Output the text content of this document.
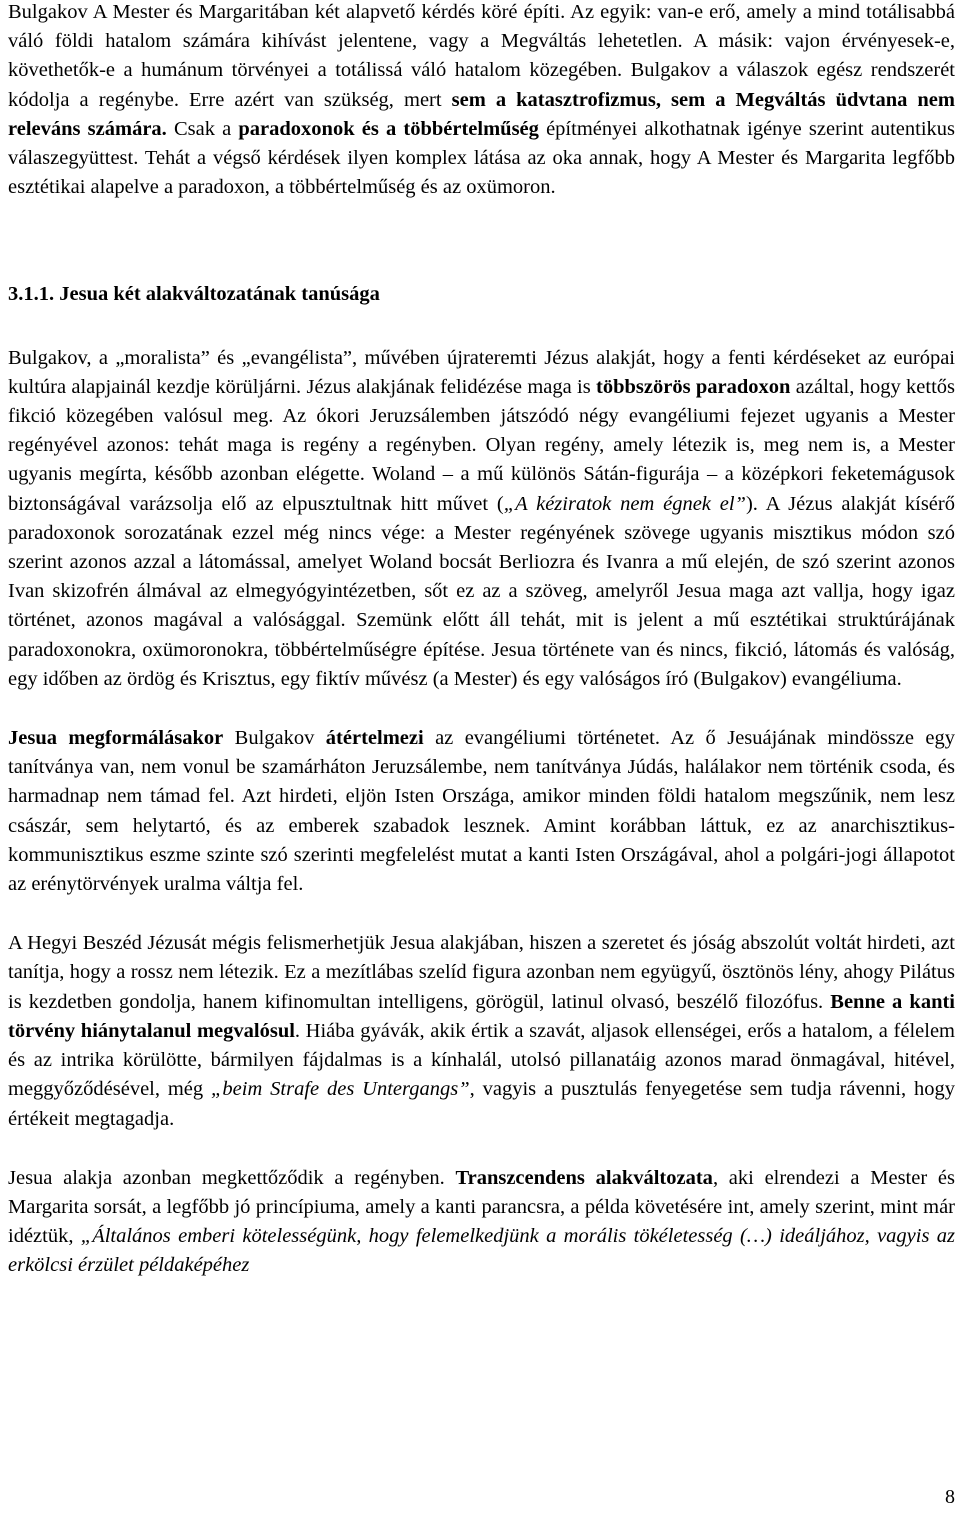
Bulgakov A Mester és Margaritában két alapvető kérdés köré építi. Az egyik: van-e erő, amely a mind totálisabbá váló földi hatalom számára kihívást jelentene, vagy a Megváltás lehetetlen. A másik: vajon érvényesek-e, követhetők-e a humánum törvényei a totálissá váló hatalom közegében. Bulgakov a válaszok egész rendszerét kódolja a regénybe. Erre azért van szükség, mert sem a katasztrofizmus, sem a Megváltás üdvtana nem releváns számára. Csak a paradoxonok és a többértelműség építményei alkothatnak igénye szerint autentikus válaszegyüttest. Tehát a végső kérdések ilyen komplex látása az oka annak, hogy A Mester és Margarita legfőbb esztétikai alapelve a paradoxon, a többértelműség és az oxümoron.

3.1.1. Jesua két alakváltozatának tanúsága

Bulgakov, a „moralista” és „evangélista”, művében újrateremti Jézus alakját, hogy a fenti kérdéseket az európai kultúra alapjainál kezdje körüljárni. Jézus alakjának felidézése maga is többszörös paradoxon azáltal, hogy kettős fikció közegében valósul meg. Az ókori Jeruzsálemben játszódó négy evangéliumi fejezet ugyanis a Mester regényével azonos: tehát maga is regény a regényben. Olyan regény, amely létezik is, meg nem is, a Mester ugyanis megírta, később azonban elégette. Woland – a mű különös Sátán-figurája – a középkori feketemágusok biztonságával varázsolja elő az elpusztultnak hitt művet („A kéziratok nem égnek el”). A Jézus alakját kísérő paradoxonok sorozatának ezzel még nincs vége: a Mester regényének szövege ugyanis misztikus módon szó szerint azonos azzal a látomással, amelyet Woland bocsát Berliozra és Ivanra a mű elején, de szó szerint azonos Ivan skizofrén álmával az elmegyógyintézetben, sőt ez az a szöveg, amelyről Jesua maga azt vallja, hogy igaz történet, azonos magával a valósággal. Szemünk előtt áll tehát, mit is jelent a mű esztétikai struktúrájának paradoxonokra, oxümoronokra, többértelműségre építése. Jesua története van és nincs, fikció, látomás és valóság, egy időben az ördög és Krisztus, egy fiktív művész (a Mester) és egy valóságos író (Bulgakov) evangéliuma.

Jesua megformálásakor Bulgakov átértelmezi az evangéliumi történetet. Az ő Jesuájának mindössze egy tanítványa van, nem vonul be szamárháton Jeruzsálembe, nem tanítványa Júdás, halálakor nem történik csoda, és harmadnap nem támad fel. Azt hirdeti, eljön Isten Országa, amikor minden földi hatalom megszűnik, nem lesz császár, sem helytartó, és az emberek szabadok lesznek. Amint korábban láttuk, ez az anarchisztikus-kommunisztikus eszme szinte szó szerinti megfelelést mutat a kanti Isten Országával, ahol a polgári-jogi állapotot az erénytörvények uralma váltja fel.

A Hegyi Beszéd Jézusát mégis felismerhetjük Jesua alakjában, hiszen a szeretet és jóság abszolút voltát hirdeti, azt tanítja, hogy a rossz nem létezik. Ez a mezítlábas szelíd figura azonban nem együgyű, ösztönös lény, ahogy Pilátus is kezdetben gondolja, hanem kifinomultan intelligens, görögül, latinul olvasó, beszélő filozófus. Benne a kanti törvény hiánytalanul megvalósul. Hiába gyávák, akik értik a szavát, aljasok ellenségei, erős a hatalom, a félelem és az intrika körülötte, bármilyen fájdalmas is a kínhalál, utolsó pillanatáig azonos marad önmagával, hitével, meggyőződésével, még „beim Strafe des Untergangs”, vagyis a pusztulás fenyegetése sem tudja rávenni, hogy értékeit megtagadja.

Jesua alakja azonban megkettőződik a regényben. Transzcendens alakváltozata, aki elrendezi a Mester és Margarita sorsát, a legfőbb jó princípiuma, amely a kanti parancsra, a példa követésére int, amely szerint, mint már idéztük, „Általános emberi kötelességünk, hogy felemelkedjünk a morális tökéletesség (…) ideáljához, vagyis az erkölcsi érzület példaképéhez

8
